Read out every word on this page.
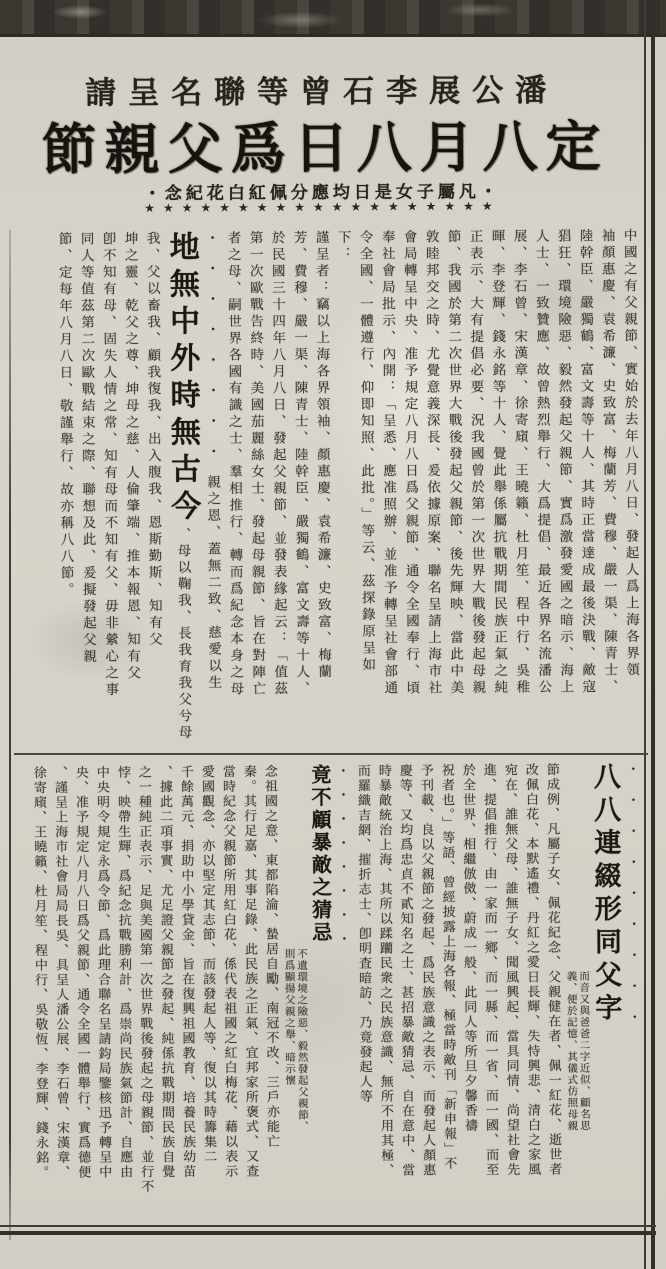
請呈名聯等曾石李展公潘
節親父爲日八月八定
・念紀花白紅佩分應均日是女子屬凡・
★★★★★★★★★★★★★★★★★★★

中國之有父親節、實始於去年八月八日、發起人爲上海各界領

袖顏惠慶、袁希濂、史致富、梅蘭芳、費穆、嚴一渠、陳青士、

陸幹臣、嚴獨鶴、富文壽等十人、其時正當達成最後決戰、敵寇

猖狂、環境險惡、毅然發起父親節、實爲激發愛國之暗示、海上

人士、一致贊應、故曾熱烈舉行、大爲提倡、最近各界名流潘公

展、李石曾、宋漢章、徐寄廎、王曉籟、杜月笙、程中行、吳稚

暉、李登輝、錢永銘等十人、覺此舉係屬抗戰期間民族正氣之純

正表示、大有提倡必要、況我國曾於第一次世界大戰後發起母親

節、我國於第二次世界大戰後發起父親節、後先輝映、當此中美

敦睦邦交之時、尤覺意義深長、爰依據原案、聯名呈請上海市社

會局轉呈中央、准予規定八月八日爲父親節、通令全國奉行、頃

奉社會局批示、內開：「呈悉、應准照辦、並准予轉呈社會部通

令全國、一體遵行、仰即知照、此批。」等云、茲探錄原呈如

下：

謹呈者：竊以上海各界領袖、顏惠慶、袁希濂、史致富、梅蘭

芳、費穆、嚴一渠、陳青士、陸幹臣、嚴獨鶴、富文壽等十人、

於民國三十四年八月八日、發起父親節、並發表緣起云：「值茲

第一次歐戰告終時、美國茄麗絲女士、發起母親節、旨在對陣亡

者之母、嗣世界各國有識之士、羣相推行、轉而爲紀念本身之母

・・・・・・・・親之恩、蓋無二致、慈愛以生

地無中外時無古今、母以鞠我、長我育我父兮母

我、父以畜我、顧我復我、出入腹我、恩斯勤斯、知有父

坤之靈、乾父之尊、坤母之慈、人倫肇端、推本報恩、知有父

卽不知有母、固失人情之常、知有母而不知有父、毋非縈心之事

同人等值茲第二次歐戰結束之際、聯想及此、爰擬發起父親

節、定每年八月八日、敬謹舉行、故亦稱八八節。

・・・・・・・・・

八八連綴形同父字

而音又與爸爸二字近似、顧名思義、便於記憶、其儀式仿照母親

節成例、凡屬子女、佩花紀念、父親健在者、佩一紅花、逝世者

改佩白花、本默遙禮、丹紅之愛日長輝、失恃興悲、清白之家風

宛在、誰無父母、誰無子女、聞風興起、當具同情、尚望社會先

進、提倡推行、由一家而一鄉、而一縣、而一省、而一國、而至

於全世界、相繼倣傚、蔚成一般、此同人等所旦夕馨香禱

祝者也。」等語、曾經披露上海各報、極當時敵刊「新申報」不

予刊載、良以父親節之發起、爲民族意識之表示、而發起人顏惠

慶等、又均爲忠貞不貳知名之士、甚招暴敵猜忌、自在意中、當

時暴敵統治上海、其所以蹂躪民衆之民族意識、無所不用其極、

而羅織吉網、摧折志士、卽明査暗訪、乃竟發起人等

・・・・・・・・

竟不顧暴敵之猜忌

不遺環境之險惡、毅然發起父親節、則爲顯揚父親之舉、暗示懷

念祖國之意、東都陷淪、蟄居自勵、南冠不改、三戶亦能亡

秦。其行足嘉、其事足錄、此民族之正氣、宜邦家所褒式、又查

當時紀念父親節所用紅白花、係代表祖國之紅白梅花、藉以表示

愛國觀念、亦以堅定其志節、而該發起人等、復以其時籌集二

千餘萬元、捐助中小學貸金、旨在復興祖國教育、培養民族幼苗

、據此二項事實、尤足證父親節之發起、純係抗戰期間民族自覺

之一種純正表示、足與美國第一次世界戰後發起之母親節、並行不

悖、映帶生輝、爲紀念抗戰勝利計、爲崇尚民族氣節計、自應由

中央明令規定永爲令節、爲此理合聯名呈請鈞局鑒核迅予轉呈中

央、准予規定八月八日爲父親節、通令全國一體舉行、實爲德便

、謹呈上海市社會局局長吳、具呈人潘公展、李石曾、宋漢章、

徐寄廎、王曉籟、杜月笙、程中行、吳敬恆、李登輝、錢永銘。
